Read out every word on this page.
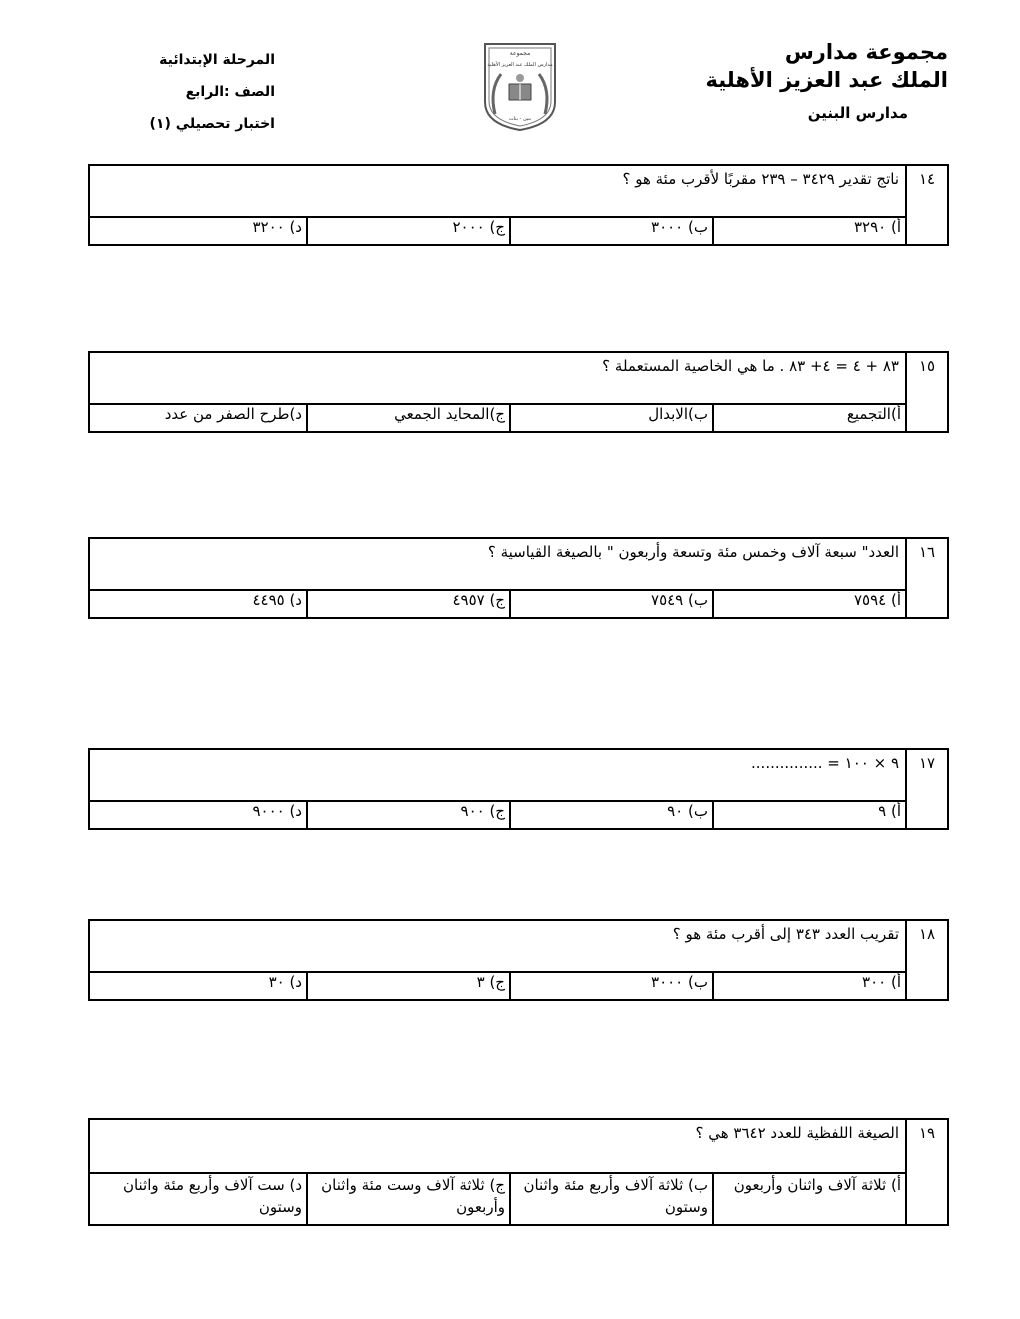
مجموعة مدارس
الملك عبد العزيز الأهلية
مدارس البنين
مجموعة
مدارس الملك عبد العزيز الأهلية
بنين - بنات
المرحلة الإبتدائية
الصف :الرابع
اختبار تحصيلي (١)
١٤
ناتج تقدير ٣٤٢٩ – ٢٣٩ مقربًا لأقرب مئة هو ؟
أ) ٣٢٩٠
ب) ٣٠٠٠
ج) ٢٠٠٠
د) ٣٢٠٠
١٥
٨٣ + ٤ = ٤+ ٨٣ . ما هي الخاصية المستعملة ؟
أ)التجميع
ب)الابدال
ج)المحايد الجمعي
د)طرح الصفر من عدد
١٦
العدد" سبعة آلاف وخمس مئة وتسعة وأربعون " بالصيغة القياسية ؟
أ) ٧٥٩٤
ب) ٧٥٤٩
ج) ٤٩٥٧
د) ٤٤٩٥
١٧
٩ × ١٠٠ = ...............
أ) ٩
ب) ٩٠
ج) ٩٠٠
د) ٩٠٠٠
١٨
تقريب العدد ٣٤٣ إلى أقرب مئة هو ؟
أ) ٣٠٠
ب) ٣٠٠٠
ج) ٣
د) ٣٠
١٩
الصيغة اللفظية للعدد ٣٦٤٢ هي ؟
أ) ثلاثة آلاف واثنان وأربعون
ب) ثلاثة آلاف وأربع مئة واثنان وستون
ج) ثلاثة آلاف وست مئة واثنان وأربعون
د) ست آلاف وأربع مئة واثنان وستون
